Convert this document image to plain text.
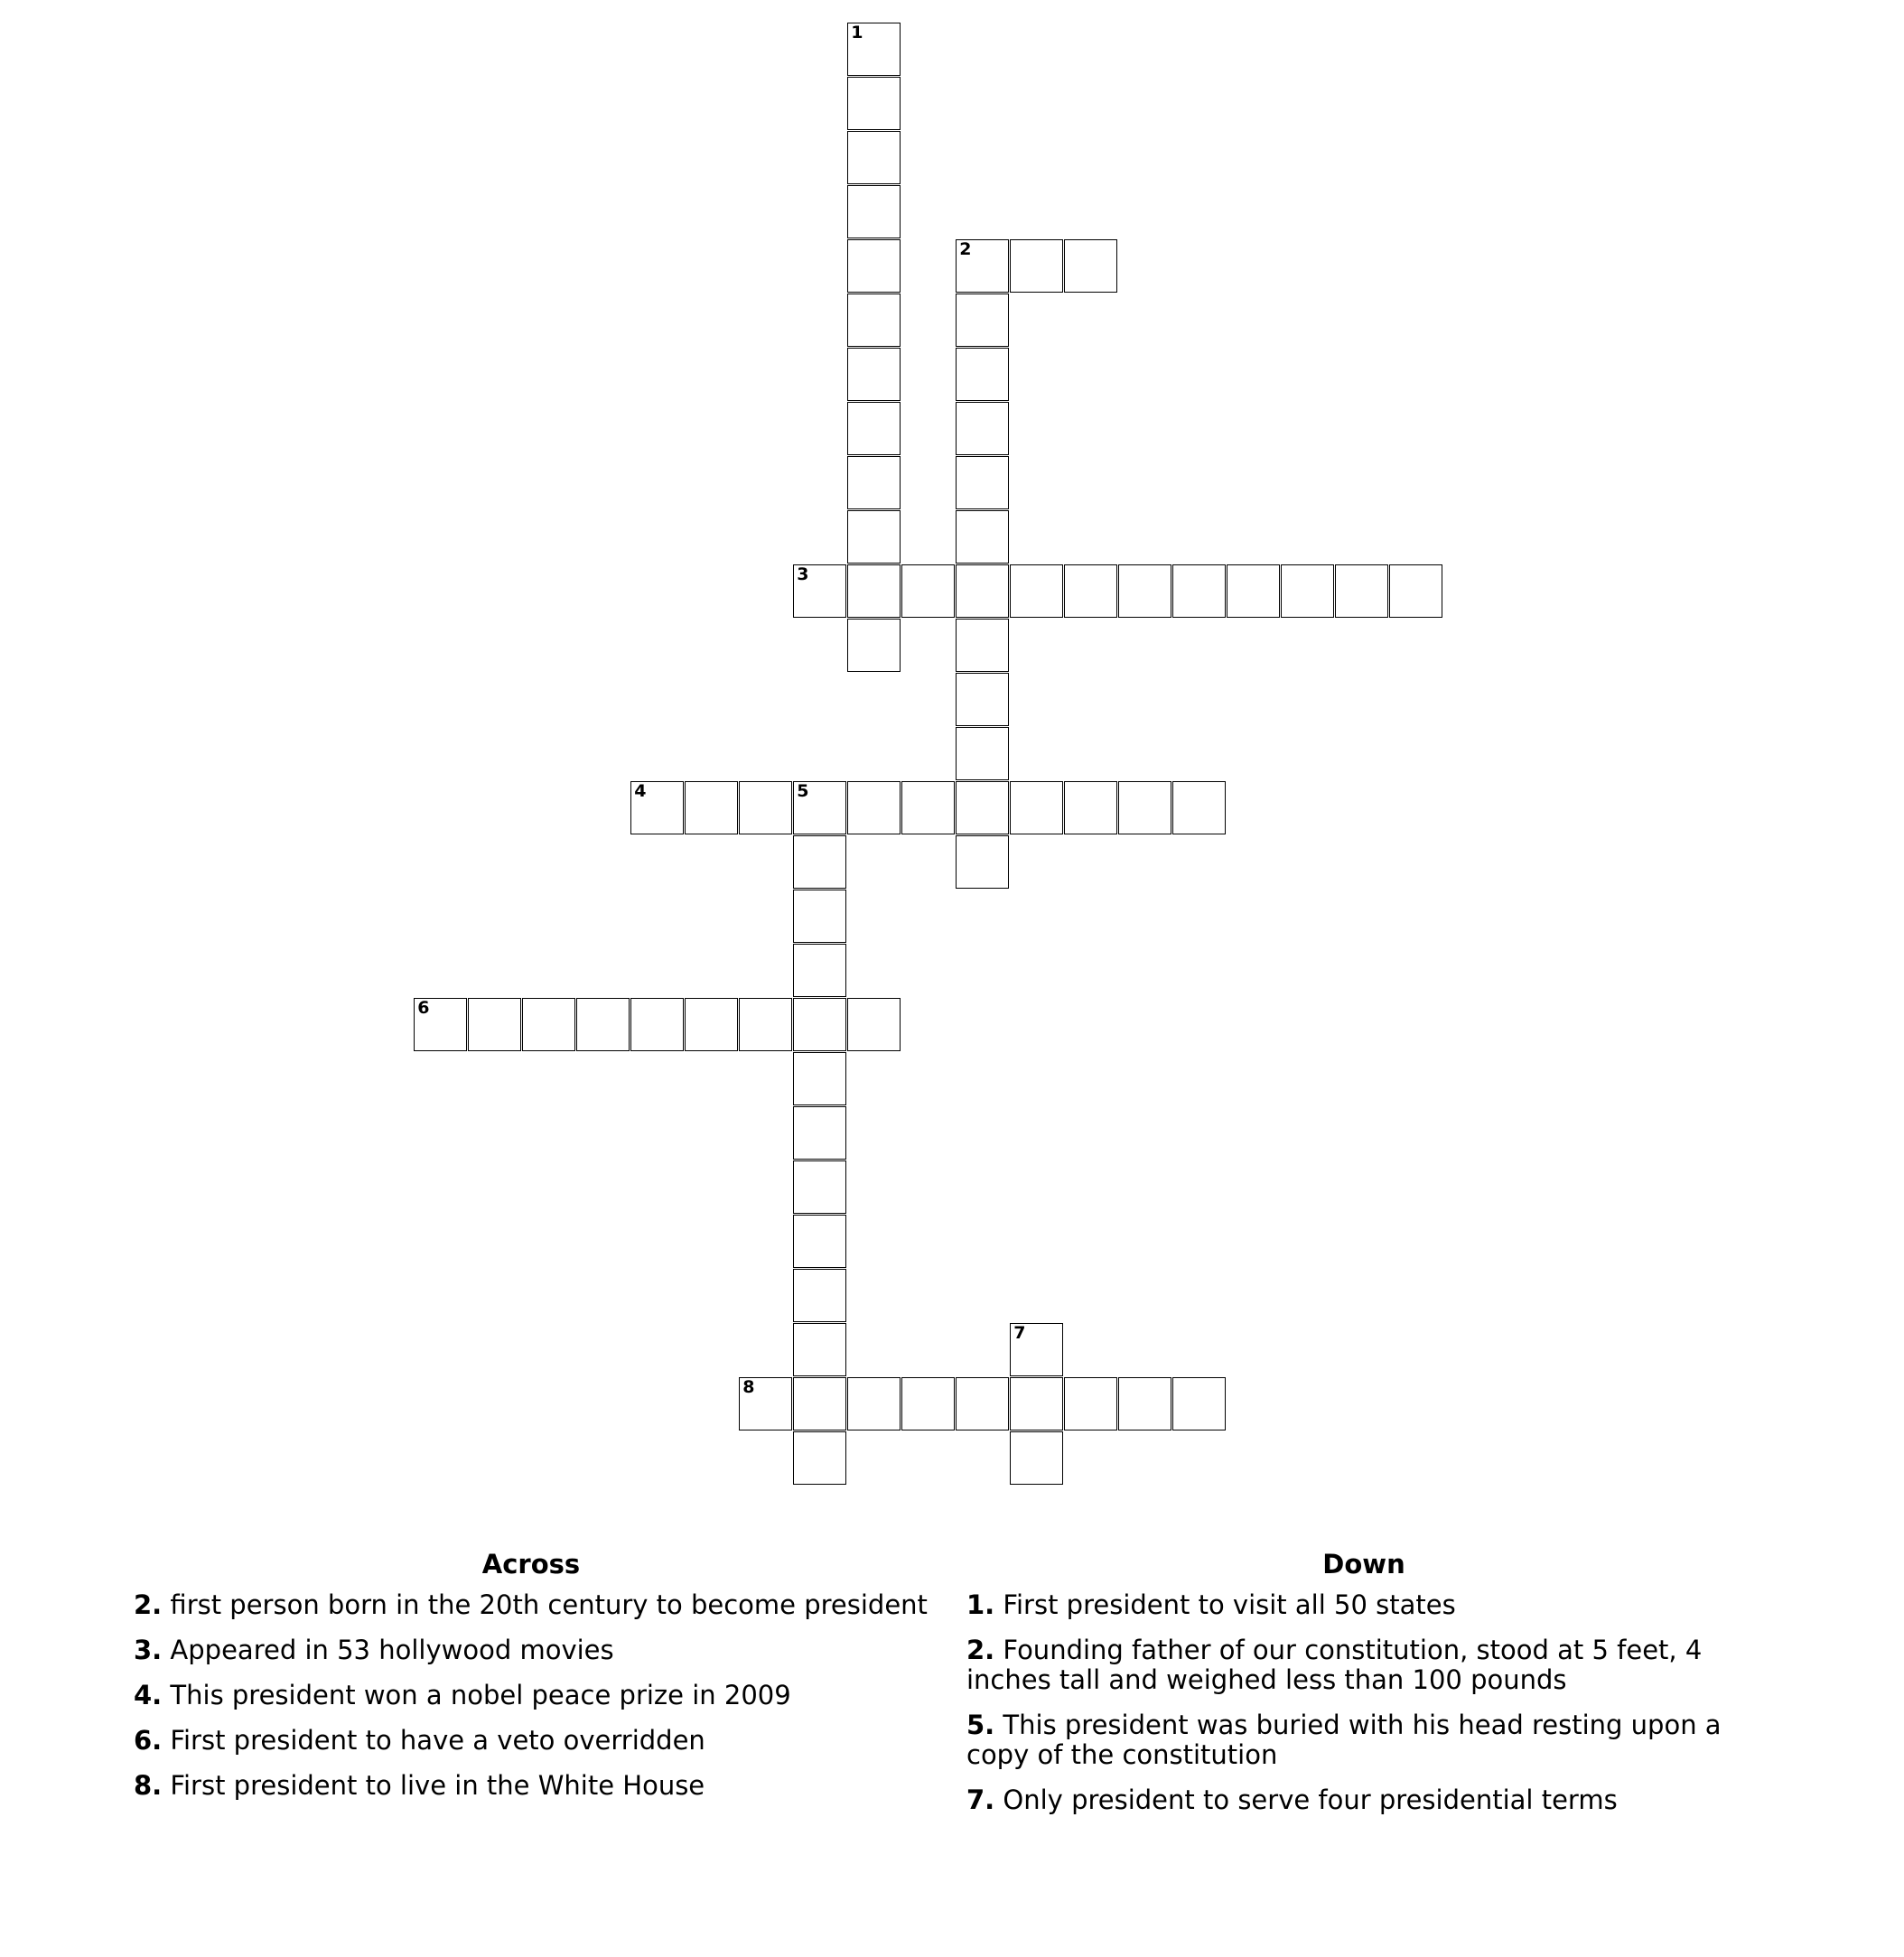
1
2
3
4	5
6
7
8
Across
2. first person born in the 20th century to become president
3. Appeared in 53 hollywood movies
4. This president won a nobel peace prize in 2009
6. First president to have a veto overridden
8. First president to live in the White House
Down
1. First president to visit all 50 states
2. Founding father of our constitution, stood at 5 feet, 4 inches tall and weighed less than 100 pounds
5. This president was buried with his head resting upon a copy of the constitution
7. Only president to serve four presidential terms
